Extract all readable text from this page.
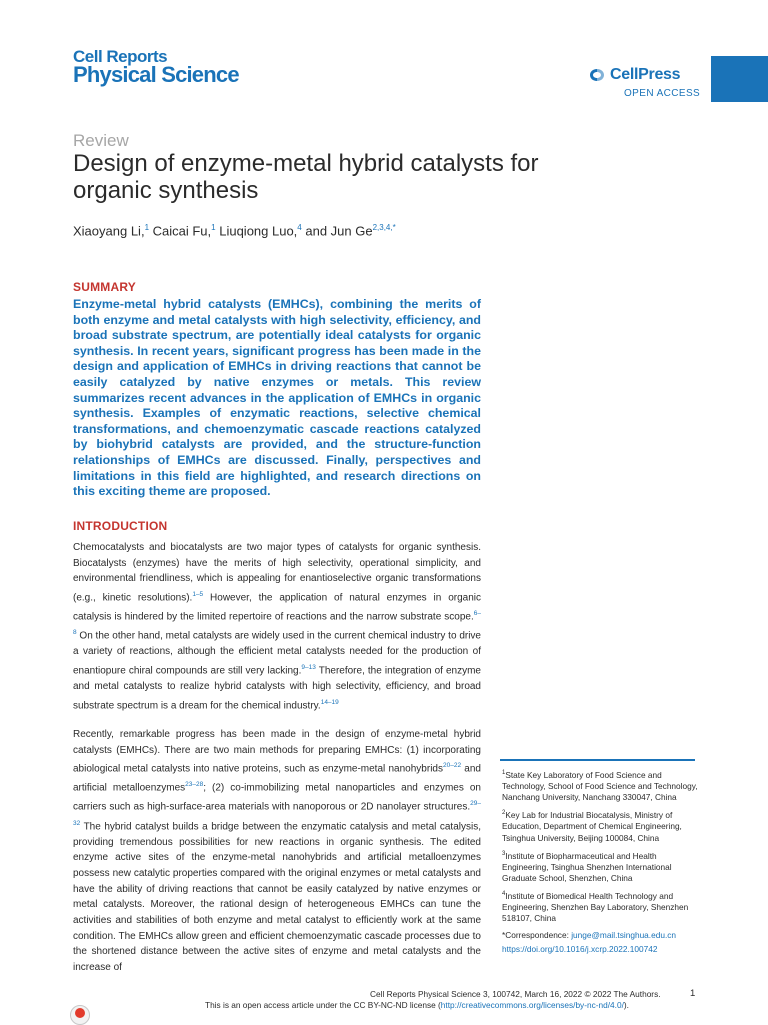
Cell Reports
Physical Science	CellPress
OPEN ACCESS
Review
Design of enzyme-metal hybrid catalysts for organic synthesis
Xiaoyang Li,$^1$ Caicai Fu,$^1$ Liuqiong Luo,$^4$ and Jun $Ge^{2,3,4,*}$
SUMMARY

Enzyme-metal hybrid catalysts (EMHCs), combining the merits of both enzyme and metal catalysts with high selectivity, efficiency, and broad substrate spectrum, are potentially ideal catalysts for organic synthesis. In recent years, significant progress has been made in the design and application of EMHCs in driving reactions that cannot be easily catalyzed by native enzymes or metals. This review summarizes recent advances in the application of EMHCs in organic synthesis. Examples of enzymatic reactions, selective chemical transformations, and chemoenzymatic cascade reactions catalyzed by biohybrid catalysts are provided, and the structure-function relationships of EMHCs are discussed. Finally, perspectives and limitations in this field are highlighted, and research directions on this exciting theme are proposed.

INTRODUCTION

Chemocatalysts and biocatalysts are two major types of catalysts for organic synthesis. Biocatalysts (enzymes) have the merits of high selectivity, operational simplicity, and environmental friendliness, which is appealing for enantioselective organic transformations (e.g., kinetic resolutions).$^{1-5}$ However, the application of natural enzymes in organic catalysis is hindered by the limited repertoire of reactions and the narrow substrate scope.$^{6-8}$ On the other hand, metal catalysts are widely used in the current chemical industry to drive a variety of reactions, although the efficient metal catalysts needed for the production of enantiopure chiral compounds are still very lacking.$^{9-13}$ Therefore, the integration of enzyme and metal catalysts to realize hybrid catalysts with high selectivity, efficiency, and broad substrate spectrum is a dream for the chemical industry.$^{14-19}$

Recently, remarkable progress has been made in the design of enzyme-metal hybrid catalysts (EMHCs). There are two main methods for preparing EMHCs: (1) incorporating abiological metal catalysts into native proteins, such as enzyme-metal nanohybrids$^{20-22}$ and artificial metalloenzymes$^{23-28}$; (2) co-immobilizing metal nanoparticles and enzymes on carriers such as high-surface-area materials with nanoporous or 2D nanolayer structures.$^{29-32}$ The hybrid catalyst builds a bridge between the enzymatic catalysis and metal catalysis, providing tremendous possibilities for new reactions in organic synthesis. The edited enzyme active sites of the enzyme-metal nanohybrids and artificial metalloenzymes possess new catalytic properties compared with the original enzymes or metal catalysts and have the ability of driving reactions that cannot be easily catalyzed by native enzymes or metal catalysts. Moreover, the rational design of heterogeneous EMHCs can tune the activities and stabilities of both enzyme and metal catalyst to efficiently work at the same condition. The EMHCs allow green and efficient chemoenzymatic cascade processes due to the shortened distance between the active sites of enzyme and metal catalysts and the increase of

$^1$State Key Laboratory of Food Science and Technology, School of Food Science and Technology, Nanchang University, Nanchang 330047, China

$^2$Key Lab for Industrial Biocatalysis, Ministry of Education, Department of Chemical Engineering, Tsinghua University, Beijing 100084, China

$^3$Institute of Biopharmaceutical and Health Engineering, Tsinghua Shenzhen International Graduate School, Shenzhen, China

$^4$Institute of Biomedical Health Technology and Engineering, Shenzhen Bay Laboratory, Shenzhen 518107, China

*Correspondence: junge@mail.tsinghua.edu.cn

https://doi.org/10.1016/j.xcrp.2022.100742
Cell Reports Physical Science 3, 100742, March 16, 2022 © 2022 The Authors.	1
This is an open access article under the CC BY-NC-ND license (http://creativecommons.org/licenses/by-nc-nd/4.0/).
